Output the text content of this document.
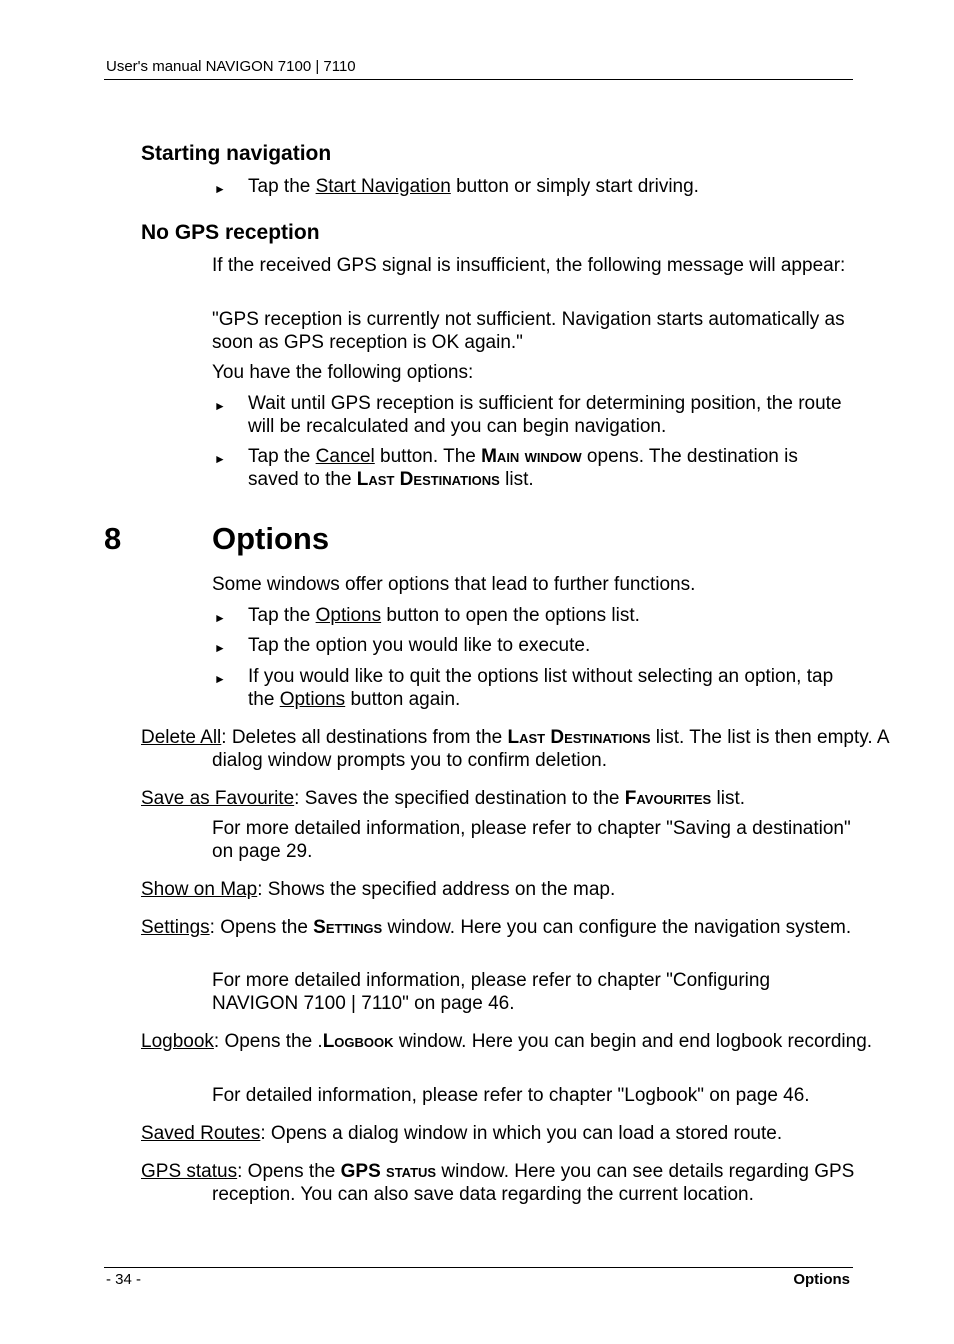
User's manual NAVIGON 7100 | 7110
Starting navigation
► Tap the Start Navigation button or simply start driving.
No GPS reception
If the received GPS signal is insufficient, the following message will appear:
"GPS reception is currently not sufficient. Navigation starts automatically as soon as GPS reception is OK again."
You have the following options:
► Wait until GPS reception is sufficient for determining position, the route will be recalculated and you can begin navigation.
► Tap the Cancel button. The Main window opens. The destination is saved to the Last Destinations list.
8	Options
Some windows offer options that lead to further functions.
► Tap the Options button to open the options list.
► Tap the option you would like to execute.
► If you would like to quit the options list without selecting an option, tap the Options button again.
Delete All: Deletes all destinations from the Last Destinations list. The list is then empty. A dialog window prompts you to confirm deletion.
Save as Favourite: Saves the specified destination to the Favourites list.
For more detailed information, please refer to chapter "Saving a destination" on page 29.
Show on Map: Shows the specified address on the map.
Settings: Opens the Settings window. Here you can configure the navigation system.
For more detailed information, please refer to chapter "Configuring NAVIGON 7100 | 7110" on page 46.
Logbook: Opens the .Logbook window. Here you can begin and end logbook recording.
For detailed information, please refer to chapter "Logbook" on page 46.
Saved Routes: Opens a dialog window in which you can load a stored route.
GPS status: Opens the GPS status window. Here you can see details regarding GPS reception. You can also save data regarding the current location.
- 34 -	Options
